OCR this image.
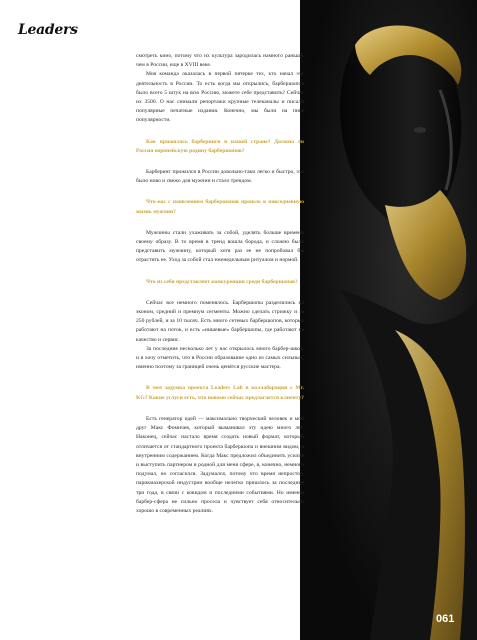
Leaders

смотреть кино, потому что их культура зародилась намного раньше, чем в России, еще в XVIII веке.

Моя команда оказалась в первой пятерке тех, кто начал эту деятельность в России. То есть когда мы открылись, барбершопов было всего 5 штук на всю Россию, можете себе представить? Сейчас их 3500. О нас снимали репортажи крупные телеканалы и писали популярные печатные издания. Конечно, мы были на пике популярности.

Как прижилась барберингв в нашей стране? Должна ли Россия европейскую родину барбершопов?

Барберинг прижился в России довольно-таки легко и быстро, это было ново и свежо для мужчин и стало трендом.

Что-нас с появлением барбершопов прошло в повседневную жизнь мужчин?

Мужчины стали ухаживать за собой, уделять больше времени своему образу. В то время в тренд вошла борода, и сложно было представить мужчину, который хотя раз ее не попробовал бы отрастить ее. Уход за собой стал еженедельным ритуалом и нормой.

Что из себя представляет конкуренция среди барбершопов?

Сейчас все немного поменялось. Барбершопы разделились на эконом, средний и премиум сегменты. Можно сделать стрижку и за 250 рублей, и за 10 тысяч. Есть много сетевых барбершопов, которые работают на поток, и есть «нишевые» барбершопы, где работают на качество и сервис.

За последние несколько лет у нас открылось много барбер-школ, и я хочу отметить, что в России образование одно из самых сильных, именно поэтому за границей очень ценятся русские мастера.

В чем задумка проекта Leaders Lab в коллаборации с Mr. KG? Какие услуги есть, что новомо сейчас предлагается клиенту?

Есть генератор идей — максимально творческий человек и мой друг Макс Фомичев, который выманивал эту идею много лет. Наконец, сейчас настало время создать новый формат, который отличается от стандартного проекта барбершопа и внешним видом, и внутренним содержанием. Когда Макс предложил объединить усилия и выступить партнером в родной для меня сфере, я, конечно, немного подумал, но согласился. Задумался, потому что время непростое, парикмахерской индустрии вообще нелегко пришлось за последние три года, в связи с ковидом и последними событиями. Но именно барбер-сфера не сильно просела и чувствует себя относительно хорошо в современных реалиях.

061
